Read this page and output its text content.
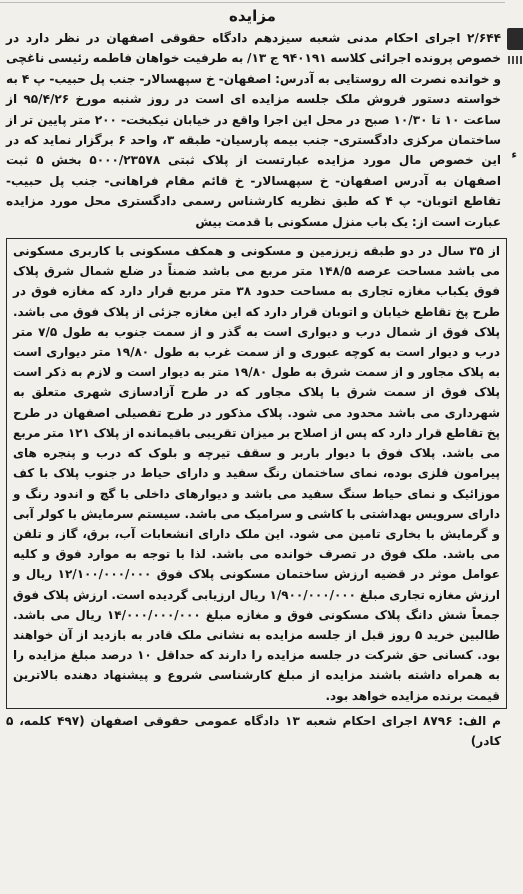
مزایده
ء

۲/۶۴۴ اجرای احکام مدنی شعبه سیزدهم دادگاه حقوقی اصفهان در نظر دارد در خصوص پرونده اجرائی کلاسه ۹۴۰۱۹۱ ج ۱۳/ به طرفیت خواهان فاطمه رئیسی ناغچی و خوانده نصرت اله روستایی به آدرس: اصفهان- خ سپهسالار- جنب پل حبیب- پ ۴ به خواسته دستور فروش ملک جلسه مزایده ای است در روز شنبه مورخ ۹۵/۴/۲۶ از ساعت ۱۰ تا ۱۰/۳۰ صبح در محل این اجرا واقع در خیابان نیکبخت- ۲۰۰ متر پایین تر از ساختمان مرکزی دادگستری- جنب بیمه پارسیان- طبقه ۳، واحد ۶ برگزار نماید که در این خصوص مال مورد مزایده عبارتست از پلاک ثبتی ۵۰۰۰/۲۳۵۷۸ بخش ۵ ثبت اصفهان به آدرس اصفهان- خ سپهسالار- خ قائم مقام فراهانی- جنب پل حبیب- تقاطع اتوبان- پ ۴ که طبق نظریه کارشناس رسمی دادگستری محل مورد مزایده عبارت است از: یک باب منزل مسکونی با قدمت بیش

از ۳۵ سال در دو طبقه زیرزمین و مسکونی و همکف مسکونی با کاربری مسکونی می باشد مساحت عرصه ۱۴۸/۵ متر مربع می باشد ضمناً در ضلع شمال شرق پلاک فوق یکباب مغازه تجاری به مساحت حدود ۳۸ متر مربع قرار دارد که مغازه فوق در طرح پخ تقاطع خیابان و اتوبان قرار دارد که این مغازه جزئی از پلاک فوق می باشد. پلاک فوق از شمال درب و دیواری است به گذر و از سمت جنوب به طول ۷/۵ متر درب و دیوار است به کوچه عبوری و از سمت غرب به طول ۱۹/۸۰ متر دیواری است به پلاک مجاور و از سمت شرق به طول ۱۹/۸۰ متر به دیوار است و لازم به ذکر است پلاک فوق از سمت شرق با پلاک مجاور که در طرح آزادسازی شهری متعلق به شهرداری می باشد محدود می شود. پلاک مذکور در طرح تفصیلی اصفهان در طرح پخ تقاطع قرار دارد که پس از اصلاح بر میزان تقریبی باقیمانده از پلاک ۱۲۱ متر مربع می باشد. پلاک فوق با دیوار باربر و سقف تیرچه و بلوک که درب و پنجره های پیرامون فلزی بوده، نمای ساختمان رنگ سفید و دارای حیاط در جنوب پلاک با کف موزائیک و نمای حیاط سنگ سفید می باشد و دیوارهای داخلی با گچ و اندود رنگ و دارای سرویس بهداشتی با کاشی و سرامیک می باشد. سیستم سرمایش با کولر آبی و گرمایش با بخاری تامین می شود. این ملک دارای انشعابات آب، برق، گاز و تلفن می باشد. ملک فوق در تصرف خوانده می باشد. لذا با توجه به موارد فوق و کلیه عوامل موثر در قضیه ارزش ساختمان مسکونی پلاک فوق ۱۲/۱۰۰/۰۰۰/۰۰۰ ریال و ارزش مغازه تجاری مبلغ ۱/۹۰۰/۰۰۰/۰۰۰ ریال ارزیابی گردیده است. ارزش پلاک فوق جمعاً شش دانگ پلاک مسکونی فوق و مغازه مبلغ ۱۴/۰۰۰/۰۰۰/۰۰۰ ریال می باشد. طالبین خرید ۵ روز قبل از جلسه مزایده به نشانی ملک قادر به بازدید از آن خواهند بود. کسانی حق شرکت در جلسه مزایده را دارند که حداقل ۱۰ درصد مبلغ مزایده را به همراه داشته باشند مزایده از مبلغ کارشناسی شروع و پیشنهاد دهنده بالاترین قیمت برنده مزایده خواهد بود.

م الف: ۸۷۹۶ اجرای احکام شعبه ۱۳ دادگاه عمومی حقوقی اصفهان (۴۹۷ کلمه، ۵ کادر)
